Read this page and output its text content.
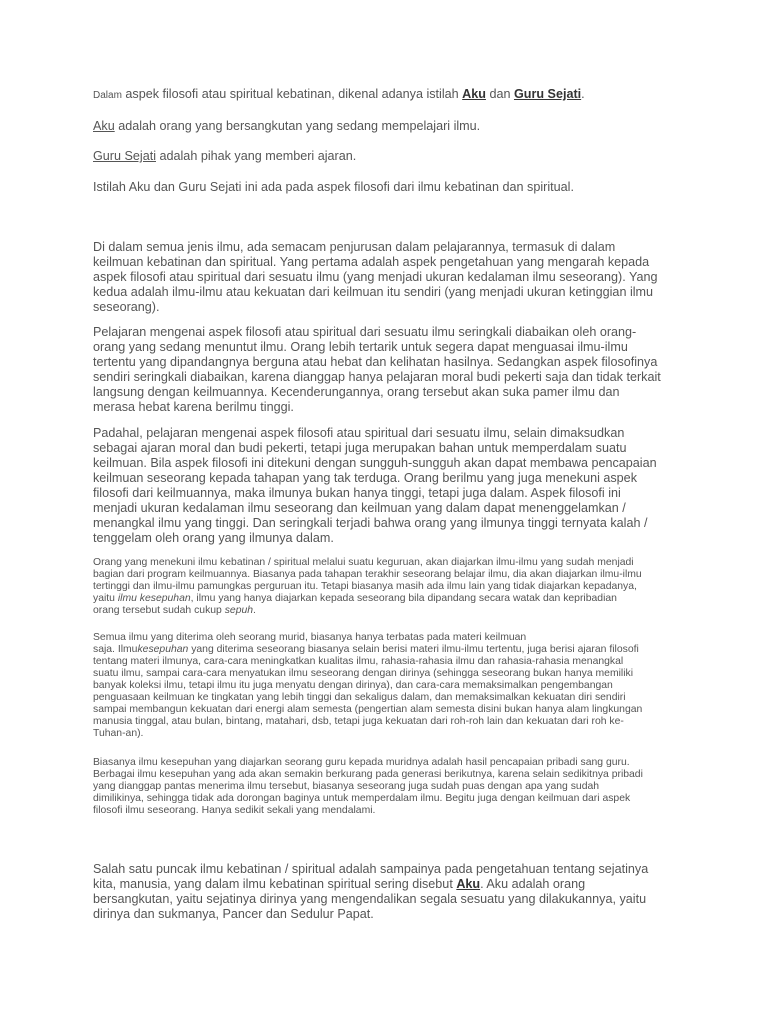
Dalam aspek filosofi atau spiritual kebatinan, dikenal adanya istilah Aku dan Guru Sejati.
Aku adalah orang yang bersangkutan yang sedang mempelajari ilmu.
Guru Sejati adalah pihak yang memberi ajaran.
Istilah Aku dan Guru Sejati ini ada pada aspek filosofi dari ilmu kebatinan dan spiritual.
Di dalam semua jenis ilmu, ada semacam penjurusan dalam pelajarannya, termasuk di dalam
keilmuan kebatinan dan spiritual. Yang pertama adalah aspek pengetahuan yang mengarah kepada
aspek filosofi atau spiritual dari sesuatu ilmu (yang menjadi ukuran kedalaman ilmu seseorang). Yang
kedua adalah ilmu-ilmu atau kekuatan dari keilmuan itu sendiri (yang menjadi ukuran ketinggian ilmu
seseorang).
Pelajaran mengenai aspek filosofi atau spiritual dari sesuatu ilmu seringkali diabaikan oleh orang-
orang yang sedang menuntut ilmu. Orang lebih tertarik untuk segera dapat menguasai ilmu-ilmu
tertentu yang dipandangnya berguna atau hebat dan kelihatan hasilnya. Sedangkan aspek filosofinya
sendiri seringkali diabaikan, karena dianggap hanya pelajaran moral budi pekerti saja dan tidak terkait
langsung dengan keilmuannya. Kecenderungannya, orang tersebut akan suka pamer ilmu dan
merasa hebat karena berilmu tinggi.
Padahal, pelajaran mengenai aspek filosofi atau spiritual dari sesuatu ilmu, selain dimaksudkan
sebagai ajaran moral dan budi pekerti, tetapi juga merupakan bahan untuk memperdalam suatu
keilmuan. Bila aspek filosofi ini ditekuni dengan sungguh-sungguh akan dapat membawa pencapaian
keilmuan seseorang kepada tahapan yang tak terduga. Orang berilmu yang juga menekuni aspek
filosofi dari keilmuannya, maka ilmunya bukan hanya tinggi, tetapi juga dalam. Aspek filosofi ini
menjadi ukuran kedalaman ilmu seseorang dan keilmuan yang dalam dapat menenggelamkan /
menangkal ilmu yang tinggi. Dan seringkali terjadi bahwa orang yang ilmunya tinggi ternyata kalah /
tenggelam oleh orang yang ilmunya dalam.
Orang yang menekuni ilmu kebatinan / spiritual melalui suatu keguruan, akan diajarkan ilmu-ilmu yang sudah menjadi
bagian dari program keilmuannya. Biasanya pada tahapan terakhir seseorang belajar ilmu, dia akan diajarkan ilmu-ilmu
tertinggi dan ilmu-ilmu pamungkas perguruan itu. Tetapi biasanya masih ada ilmu lain yang tidak diajarkan kepadanya,
yaitu ilmu kesepuhan, ilmu yang hanya diajarkan kepada seseorang bila dipandang secara watak dan kepribadian
orang tersebut sudah cukup sepuh.
Semua ilmu yang diterima oleh seorang murid, biasanya hanya terbatas pada materi keilmuan
saja. Ilmukesepuhan yang diterima seseorang biasanya selain berisi materi ilmu-ilmu tertentu, juga berisi ajaran filosofi
tentang materi ilmunya, cara-cara meningkatkan kualitas ilmu, rahasia-rahasia ilmu dan rahasia-rahasia menangkal
suatu ilmu, sampai cara-cara menyatukan ilmu seseorang dengan dirinya (sehingga seseorang bukan hanya memiliki
banyak koleksi ilmu, tetapi ilmu itu juga menyatu dengan dirinya), dan cara-cara memaksimalkan pengembangan
penguasaan keilmuan ke tingkatan yang lebih tinggi dan sekaligus dalam, dan memaksimalkan kekuatan diri sendiri
sampai membangun kekuatan dari energi alam semesta (pengertian alam semesta disini bukan hanya alam lingkungan
manusia tinggal, atau bulan, bintang, matahari, dsb, tetapi juga kekuatan dari roh-roh lain dan kekuatan dari roh ke-
Tuhan-an).
Biasanya ilmu kesepuhan yang diajarkan seorang guru kepada muridnya adalah hasil pencapaian pribadi sang guru.
Berbagai ilmu kesepuhan yang ada akan semakin berkurang pada generasi berikutnya, karena selain sedikitnya pribadi
yang dianggap pantas menerima ilmu tersebut, biasanya seseorang juga sudah puas dengan apa yang sudah
dimilikinya, sehingga tidak ada dorongan baginya untuk memperdalam ilmu. Begitu juga dengan keilmuan dari aspek
filosofi ilmu seseorang. Hanya sedikit sekali yang mendalami.
Salah satu puncak ilmu kebatinan / spiritual adalah sampainya pada pengetahuan tentang sejatinya
kita, manusia, yang dalam ilmu kebatinan spiritual sering disebut Aku. Aku adalah orang
bersangkutan, yaitu sejatinya dirinya yang mengendalikan segala sesuatu yang dilakukannya, yaitu
dirinya dan sukmanya, Pancer dan Sedulur Papat.
